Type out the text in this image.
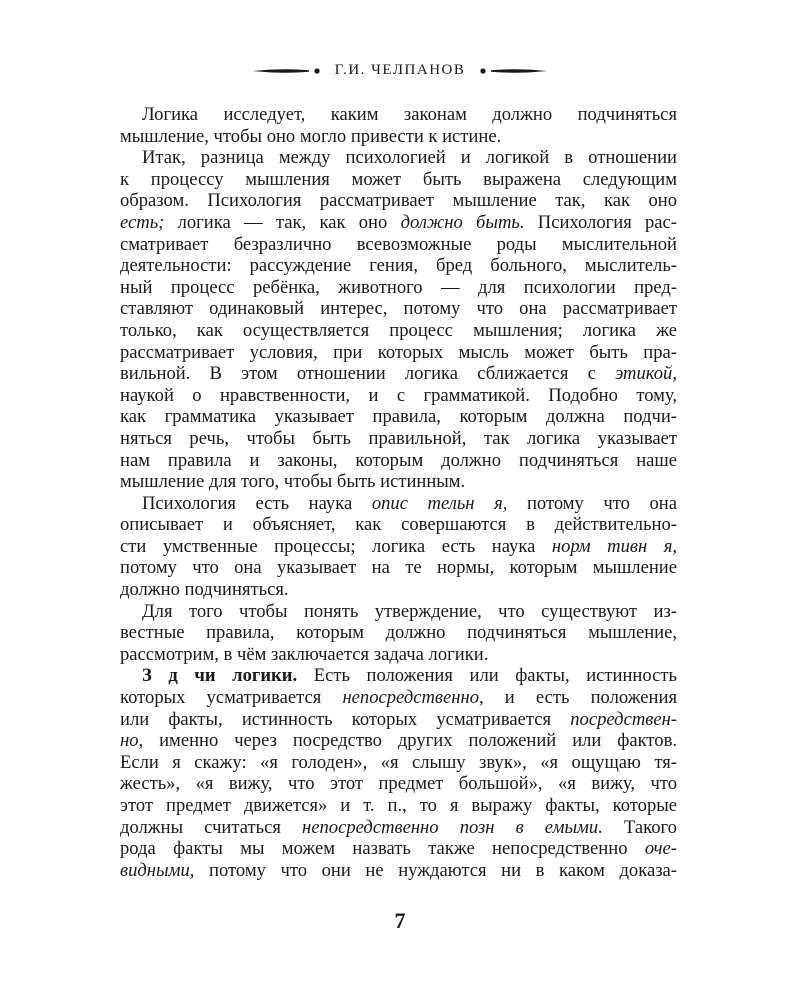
Г.И. ЧЕЛПАНОВ
Логика исследует, каким законам должно подчиняться
мышление, чтобы оно могло привести к истине.
Итак, разница между психологией и логикой в отношении
к процессу мышления может быть выражена следующим
образом. Психология рассматривает мышление так, как оно
есть; логика — так, как оно должно быть. Психология рас-
сматривает безразлично всевозможные роды мыслительной
деятельности: рассуждение гения, бред больного, мыслитель-
ный процесс ребёнка, животного — для психологии пред-
ставляют одинаковый интерес, потому что она рассматривает
только, как осуществляется процесс мышления; логика же
рассматривает условия, при которых мысль может быть пра-
вильной. В этом отношении логика сближается с этикой,
наукой о нравственности, и с грамматикой. Подобно тому,
как грамматика указывает правила, которым должна подчи-
няться речь, чтобы быть правильной, так логика указывает
нам правила и законы, которым должно подчиняться наше
мышление для того, чтобы быть истинным.
Психология есть наука опис тельн я, потому что она
описывает и объясняет, как совершаются в действительно-
сти умственные процессы; логика есть наука норм тивн я,
потому что она указывает на те нормы, которым мышление
должно подчиняться.
Для того чтобы понять утверждение, что существуют из-
вестные правила, которым должно подчиняться мышление,
рассмотрим, в чём заключается задача логики.
З д чи логики. Есть положения или факты, истинность
которых усматривается непосредственно, и есть положения
или факты, истинность которых усматривается посредствен-
но, именно через посредство других положений или фактов.
Если я скажу: «я голоден», «я слышу звук», «я ощущаю тя-
жесть», «я вижу, что этот предмет большой», «я вижу, что
этот предмет движется» и т. п., то я выражу факты, которые
должны считаться непосредственно позн в емыми. Такого
рода факты мы можем назвать также непосредственно оче-
видными, потому что они не нуждаются ни в каком доказа-
7
